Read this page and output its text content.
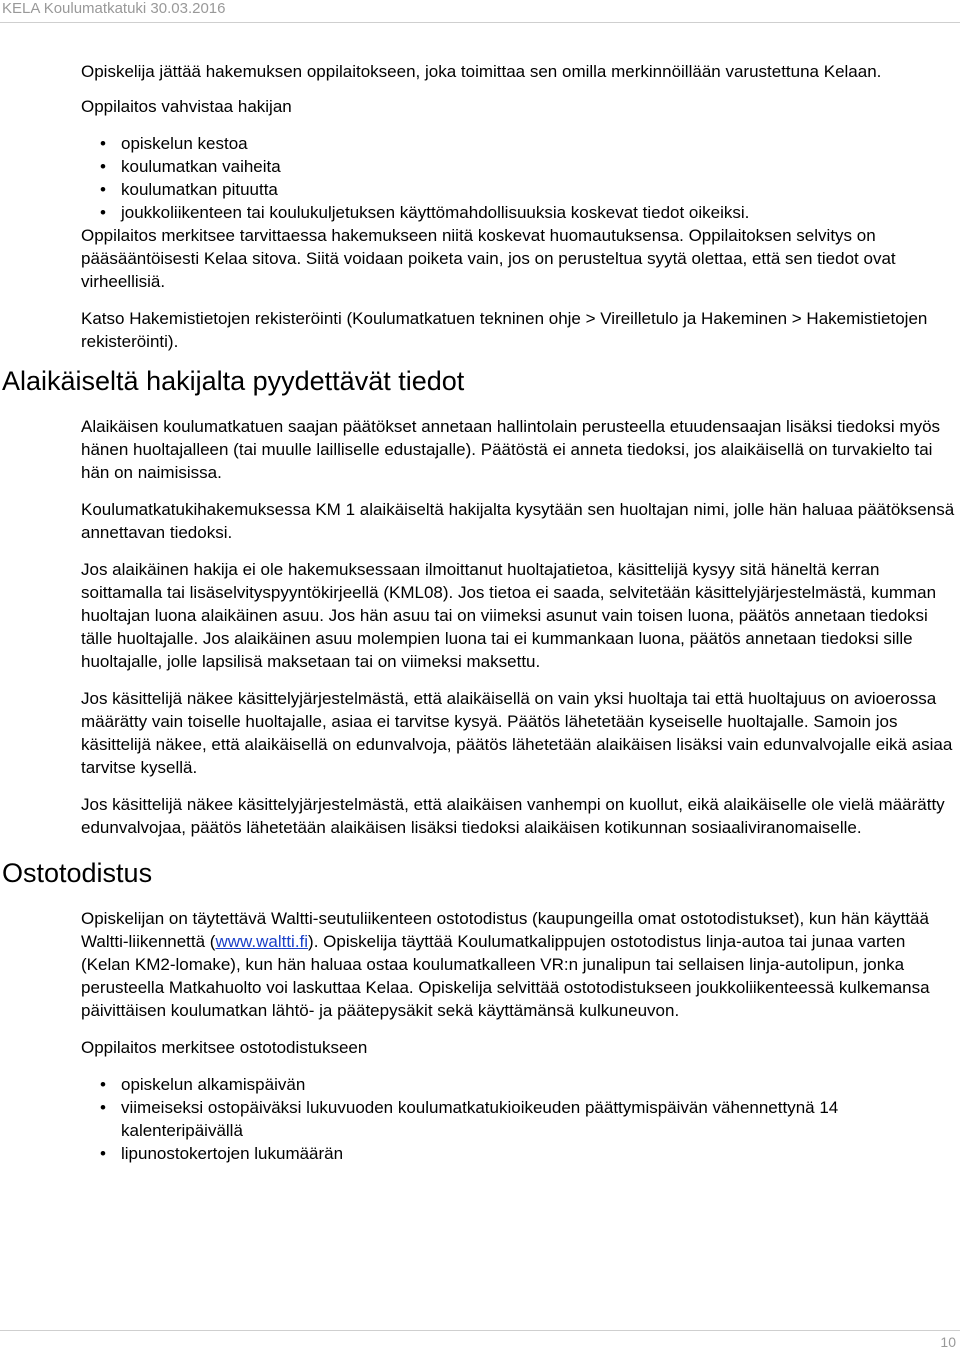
KELA Koulumatkatuki 30.03.2016

Opiskelija jättää hakemuksen oppilaitokseen, joka toimittaa sen omilla merkinnöillään varustettuna Kelaan.

Oppilaitos vahvistaa hakijan

• opiskelun kestoa
• koulumatkan vaiheita
• koulumatkan pituutta
• joukkoliikenteen tai koulukuljetuksen käyttömahdollisuuksia koskevat tiedot oikeiksi.

Oppilaitos merkitsee tarvittaessa hakemukseen niitä koskevat huomautuksensa. Oppilaitoksen selvitys on pääsääntöisesti Kelaa sitova. Siitä voidaan poiketa vain, jos on perusteltua syytä olettaa, että sen tiedot ovat virheellisiä.

Katso Hakemistietojen rekisteröinti (Koulumatkatuen tekninen ohje > Vireilletulo ja Hakeminen > Hakemistietojen rekisteröinti).

Alaikäiseltä hakijalta pyydettävät tiedot

Alaikäisen koulumatkatuen saajan päätökset annetaan hallintolain perusteella etuudensaajan lisäksi tiedoksi myös hänen huoltajalleen (tai muulle lailliselle edustajalle). Päätöstä ei anneta tiedoksi, jos alaikäisellä on turvakielto tai hän on naimisissa.

Koulumatkatukihakemuksessa KM 1 alaikäiseltä hakijalta kysytään sen huoltajan nimi, jolle hän haluaa päätöksensä annettavan tiedoksi.

Jos alaikäinen hakija ei ole hakemuksessaan ilmoittanut huoltajatietoa, käsittelijä kysyy sitä häneltä kerran soittamalla tai lisäselvityspyyntökirjeellä (KML08). Jos tietoa ei saada, selvitetään käsittelyjärjestelmästä, kumman huoltajan luona alaikäinen asuu. Jos hän asuu tai on viimeksi asunut vain toisen luona, päätös annetaan tiedoksi tälle huoltajalle. Jos alaikäinen asuu molempien luona tai ei kummankaan luona, päätös annetaan tiedoksi sille huoltajalle, jolle lapsilisä maksetaan tai on viimeksi maksettu.

Jos käsittelijä näkee käsittelyjärjestelmästä, että alaikäisellä on vain yksi huoltaja tai että huoltajuus on avioerossa määrätty vain toiselle huoltajalle, asiaa ei tarvitse kysyä. Päätös lähetetään kyseiselle huoltajalle. Samoin jos käsittelijä näkee, että alaikäisellä on edunvalvoja, päätös lähetetään alaikäisen lisäksi vain edunvalvojalle eikä asiaa tarvitse kysellä.

Jos käsittelijä näkee käsittelyjärjestelmästä, että alaikäisen vanhempi on kuollut, eikä alaikäiselle ole vielä määrätty edunvalvojaa, päätös lähetetään alaikäisen lisäksi tiedoksi alaikäisen kotikunnan sosiaaliviranomaiselle.

Ostotodistus

Opiskelijan on täytettävä Waltti-seutuliikenteen ostotodistus (kaupungeilla omat ostotodistukset), kun hän käyttää Waltti-liikennettä (www.waltti.fi). Opiskelija täyttää Koulumatkalippujen ostotodistus linja-autoa tai junaa varten (Kelan KM2-lomake), kun hän haluaa ostaa koulumatkalleen VR:n junalipun tai sellaisen linja-autolipun, jonka perusteella Matkahuolto voi laskuttaa Kelaa. Opiskelija selvittää ostotodistukseen joukkoliikenteessä kulkemansa päivittäisen koulumatkan lähtö- ja päätepysäkit sekä käyttämänsä kulkuneuvon.

Oppilaitos merkitsee ostotodistukseen

• opiskelun alkamispäivän
• viimeiseksi ostopäiväksi lukuvuoden koulumatkatukioikeuden päättymispäivän vähennettynä 14 kalenteripäivällä
• lipunostokertojen lukumäärän
10
